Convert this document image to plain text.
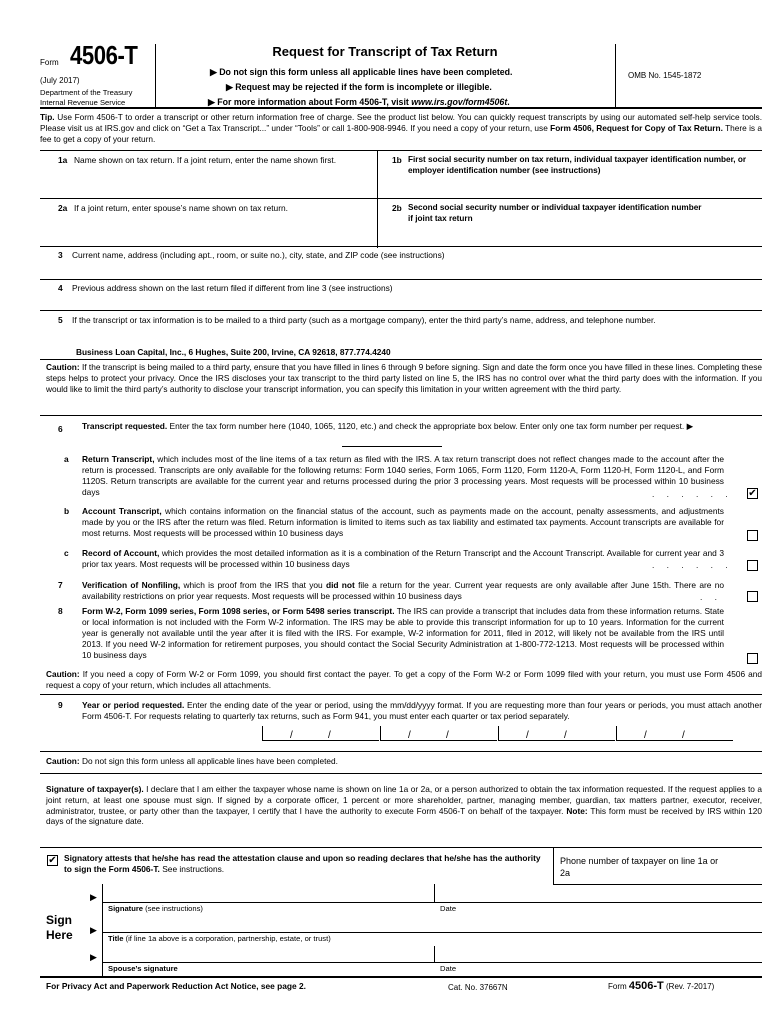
Form 4506-T
(July 2017)
Department of the Treasury
Internal Revenue Service
Request for Transcript of Tax Return
▶ Do not sign this form unless all applicable lines have been completed.
▶ Request may be rejected if the form is incomplete or illegible.
▶ For more information about Form 4506-T, visit www.irs.gov/form4506t.
OMB No. 1545-1872
Tip. Use Form 4506-T to order a transcript or other return information free of charge. See the product list below. You can quickly request transcripts by using our automated self-help service tools. Please visit us at IRS.gov and click on “Get a Tax Transcript...” under “Tools” or call 1-800-908-9946. If you need a copy of your return, use Form 4506, Request for Copy of Tax Return. There is a fee to get a copy of your return.
1a Name shown on tax return. If a joint return, enter the name shown first.	1b First social security number on tax return, individual taxpayer identification number, or employer identification number (see instructions)
2a If a joint return, enter spouse’s name shown on tax return.	2b Second social security number or individual taxpayer identification number if joint tax return
3 Current name, address (including apt., room, or suite no.), city, state, and ZIP code (see instructions)
4 Previous address shown on the last return filed if different from line 3 (see instructions)
5 If the transcript or tax information is to be mailed to a third party (such as a mortgage company), enter the third party’s name, address, and telephone number.
Business Loan Capital, Inc., 6 Hughes, Suite 200, Irvine, CA 92618, 877.774.4240
Caution: If the transcript is being mailed to a third party, ensure that you have filled in lines 6 through 9 before signing. Sign and date the form once you have filled in these lines. Completing these steps helps to protect your privacy. Once the IRS discloses your tax transcript to the third party listed on line 5, the IRS has no control over what the third party does with the information. If you would like to limit the third party’s authority to disclose your transcript information, you can specify this limitation in your written agreement with the third party.
6 Transcript requested. Enter the tax form number here (1040, 1065, 1120, etc.) and check the appropriate box below. Enter only one tax form number per request. ▶
a Return Transcript, which includes most of the line items of a tax return as filed with the IRS. A tax return transcript does not reflect changes made to the account after the return is processed. Transcripts are only available for the following returns: Form 1040 series, Form 1065, Form 1120, Form 1120-A, Form 1120-H, Form 1120-L, and Form 1120S. Return transcripts are available for the current year and returns processed during the prior 3 processing years. Most requests will be processed within 10 business days	. . . . . . ✔
b Account Transcript, which contains information on the financial status of the account, such as payments made on the account, penalty assessments, and adjustments made by you or the IRS after the return was filed. Return information is limited to items such as tax liability and estimated tax payments. Account transcripts are available for most returns. Most requests will be processed within 10 business days
c Record of Account, which provides the most detailed information as it is a combination of the Return Transcript and the Account Transcript. Available for current year and 3 prior tax years. Most requests will be processed within 10 business days	. . . . . .
7 Verification of Nonfiling, which is proof from the IRS that you did not file a return for the year. Current year requests are only available after June 15th. There are no availability restrictions on prior year requests. Most requests will be processed within 10 business days	. .
8 Form W-2, Form 1099 series, Form 1098 series, or Form 5498 series transcript. The IRS can provide a transcript that includes data from these information returns. State or local information is not included with the Form W-2 information. The IRS may be able to provide this transcript information for up to 10 years. Information for the current year is generally not available until the year after it is filed with the IRS. For example, W-2 information for 2011, filed in 2012, will likely not be available from the IRS until 2013. If you need W-2 information for retirement purposes, you should contact the Social Security Administration at 1-800-772-1213. Most requests will be processed within 10 business days
Caution: If you need a copy of Form W-2 or Form 1099, you should first contact the payer. To get a copy of the Form W-2 or Form 1099 filed with your return, you must use Form 4506 and request a copy of your return, which includes all attachments.
9 Year or period requested. Enter the ending date of the year or period, using the mm/dd/yyyy format. If you are requesting more than four years or periods, you must attach another Form 4506-T. For requests relating to quarterly tax returns, such as Form 941, you must enter each quarter or tax period separately.
/	/	/	/	/	/	/	/
Caution: Do not sign this form unless all applicable lines have been completed.
Signature of taxpayer(s). I declare that I am either the taxpayer whose name is shown on line 1a or 2a, or a person authorized to obtain the tax information requested. If the request applies to a joint return, at least one spouse must sign. If signed by a corporate officer, 1 percent or more shareholder, partner, managing member, guardian, tax matters partner, executor, receiver, administrator, trustee, or party other than the taxpayer, I certify that I have the authority to execute Form 4506-T on behalf of the taxpayer. Note: This form must be received by IRS within 120 days of the signature date.
✔ Signatory attests that he/she has read the attestation clause and upon so reading declares that he/she has the authority to sign the Form 4506-T. See instructions.
Phone number of taxpayer on line 1a or 2a
Sign
Here
▶
Signature (see instructions)	Date
▶
Title (if line 1a above is a corporation, partnership, estate, or trust)
▶
Spouse’s signature	Date
For Privacy Act and Paperwork Reduction Act Notice, see page 2.	Cat. No. 37667N	Form 4506-T (Rev. 7-2017)
